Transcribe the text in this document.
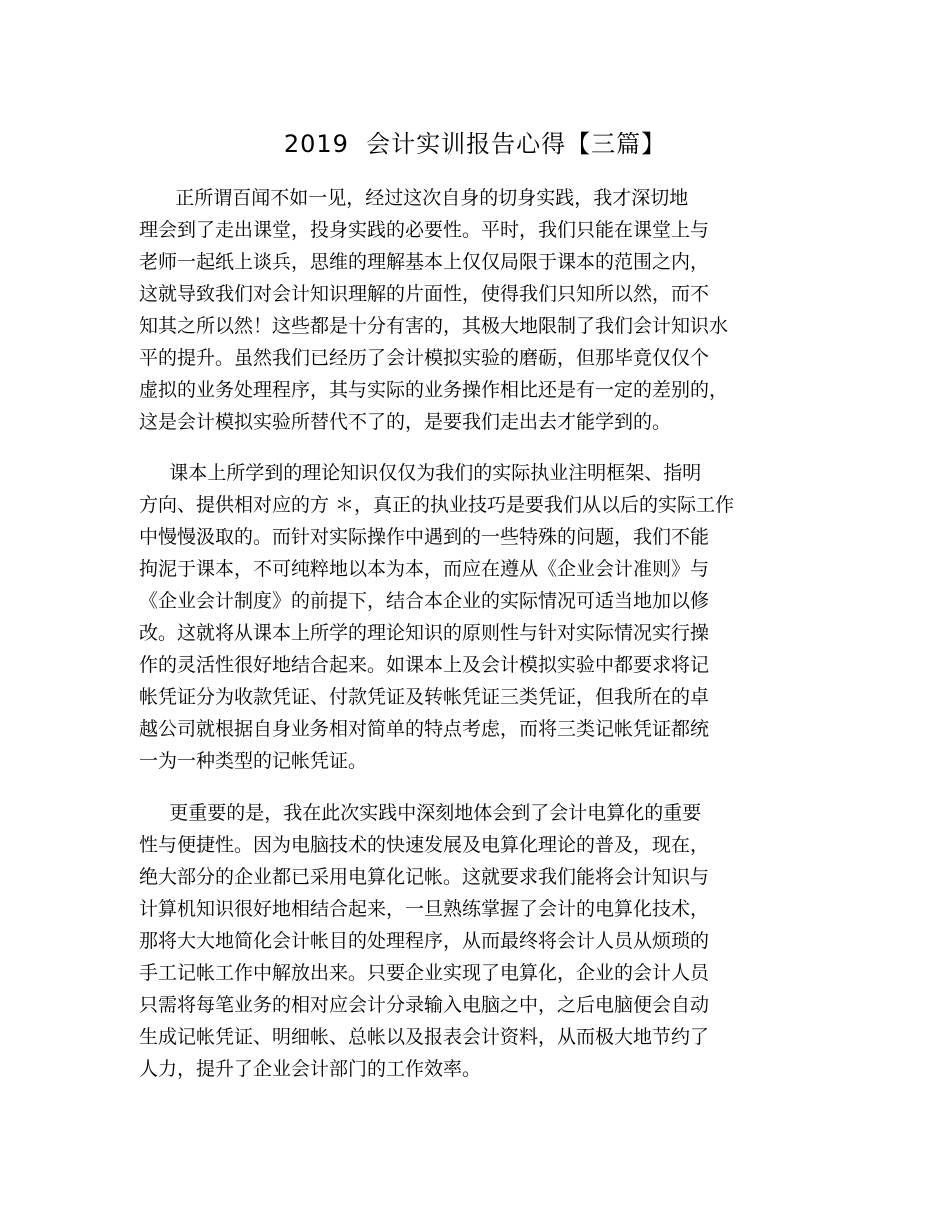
2019  会计实训报告心得【三篇】
正所谓百闻不如一见，经过这次自身的切身实践，我才深切地
理会到了走出课堂，投身实践的必要性。平时，我们只能在课堂上与
老师一起纸上谈兵，思维的理解基本上仅仅局限于课本的范围之内，
这就导致我们对会计知识理解的片面性，使得我们只知所以然，而不
知其之所以然！这些都是十分有害的，其极大地限制了我们会计知识水
平的提升。虽然我们已经历了会计模拟实验的磨砺，但那毕竟仅仅个
虚拟的业务处理程序，其与实际的业务操作相比还是有一定的差别的，
这是会计模拟实验所替代不了的，是要我们走出去才能学到的。
课本上所学到的理论知识仅仅为我们的实际执业注明框架、指明
方向、提供相对应的方 ＊，真正的执业技巧是要我们从以后的实际工作
中慢慢汲取的。而针对实际操作中遇到的一些特殊的问题，我们不能
拘泥于课本，不可纯粹地以本为本，而应在遵从《企业会计准则》与
《企业会计制度》的前提下，结合本企业的实际情况可适当地加以修
改。这就将从课本上所学的理论知识的原则性与针对实际情况实行操
作的灵活性很好地结合起来。如课本上及会计模拟实验中都要求将记
帐凭证分为收款凭证、付款凭证及转帐凭证三类凭证，但我所在的卓
越公司就根据自身业务相对简单的特点考虑，而将三类记帐凭证都统
一为一种类型的记帐凭证。
更重要的是，我在此次实践中深刻地体会到了会计电算化的重要
性与便捷性。因为电脑技术的快速发展及电算化理论的普及，现在，
绝大部分的企业都已采用电算化记帐。这就要求我们能将会计知识与
计算机知识很好地相结合起来，一旦熟练掌握了会计的电算化技术，
那将大大地简化会计帐目的处理程序，从而最终将会计人员从烦琐的
手工记帐工作中解放出来。只要企业实现了电算化，企业的会计人员
只需将每笔业务的相对应会计分录输入电脑之中，之后电脑便会自动
生成记帐凭证、明细帐、总帐以及报表会计资料，从而极大地节约了
人力，提升了企业会计部门的工作效率。
